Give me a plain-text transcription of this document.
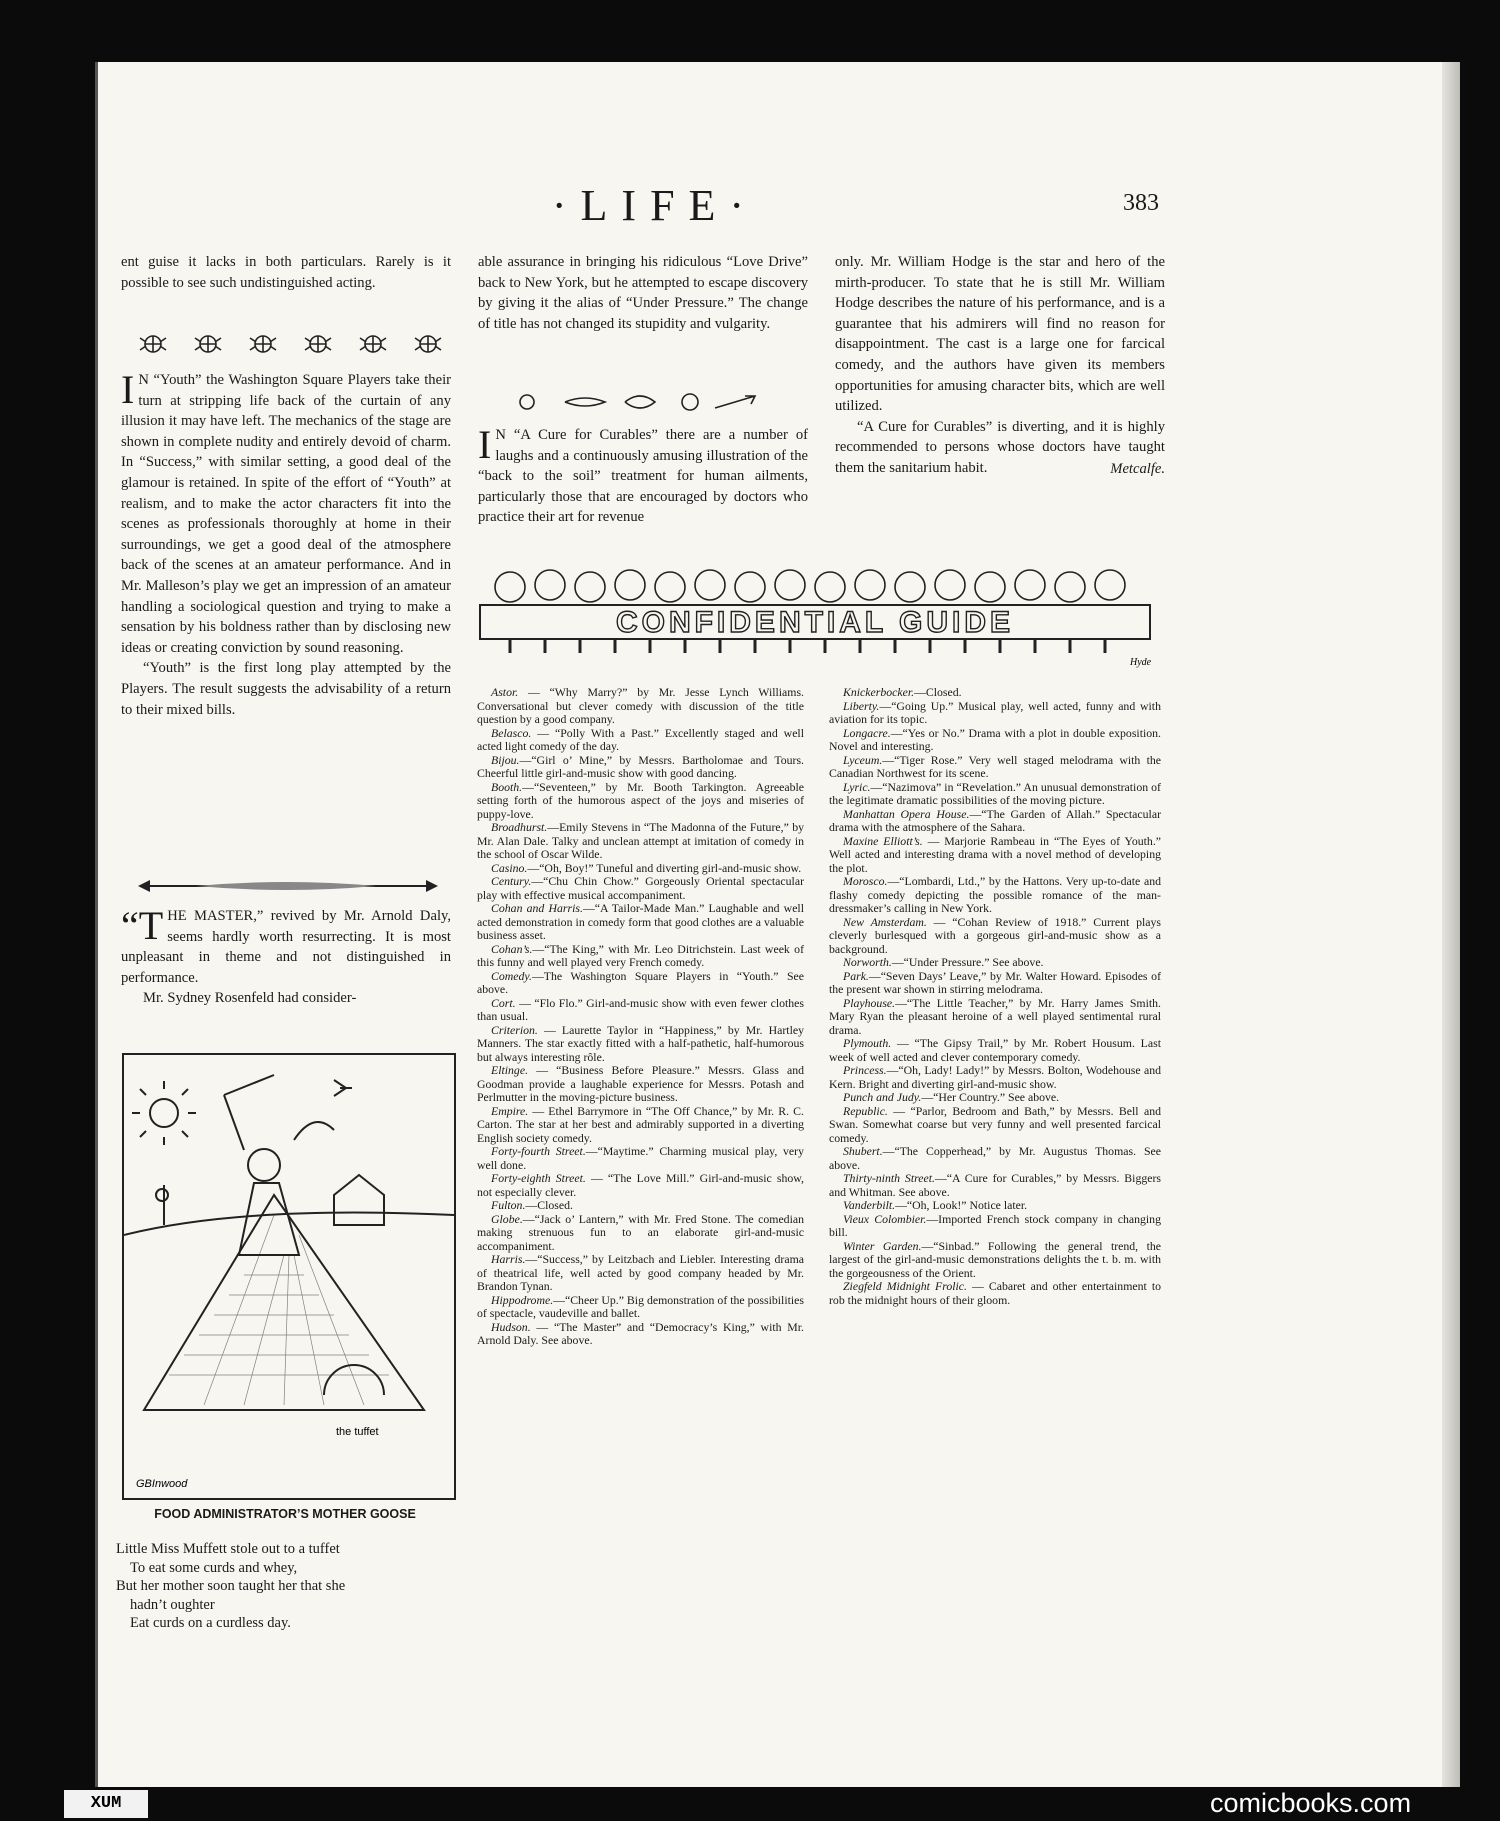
·LIFE·	383

ent guise it lacks in both particulars. Rarely is it possible to see such undistinguished acting.

I N “Youth” the Washington Square Players take their turn at stripping life back of the curtain of any illusion it may have left. The mechanics of the stage are shown in complete nudity and entirely devoid of charm. In “Success,” with similar setting, a good deal of the glamour is retained. In spite of the effort of “Youth” at realism, and to make the actor characters fit into the scenes as professionals thoroughly at home in their surroundings, we get a good deal of the atmosphere back of the scenes at an amateur performance. And in Mr. Malleson’s play we get an impression of an amateur handling a sociological question and trying to make a sensation by his boldness rather than by disclosing new ideas or creating conviction by sound reasoning.

“Youth” is the first long play attempted by the Players. The result suggests the advisability of a return to their mixed bills.

“THE MASTER,” revived by Mr. Arnold Daly, seems hardly worth resurrecting. It is most unpleasant in theme and not distinguished in performance.

Mr. Sydney Rosenfeld had consider-

GBInwood
the tuffet
FOOD ADMINISTRATOR’S MOTHER GOOSE
Little Miss Muffett stole out to a tuffet
To eat some curds and whey,
But her mother soon taught her that she
hadn’t oughter
Eat curds on a curdless day.

able assurance in bringing his ridiculous “Love Drive” back to New York, but he attempted to escape discovery by giving it the alias of “Under Pressure.” The change of title has not changed its stupidity and vulgarity.

I N “A Cure for Curables” there are a number of laughs and a continuously amusing illustration of the “back to the soil” treatment for human ailments, particularly those that are encouraged by doctors who practice their art for revenue

only. Mr. William Hodge is the star and hero of the mirth-producer. To state that he is still Mr. William Hodge describes the nature of his performance, and is a guarantee that his admirers will find no reason for disappointment. The cast is a large one for farcical comedy, and the authors have given its members opportunities for amusing character bits, which are well utilized.

“A Cure for Curables” is diverting, and it is highly recommended to persons whose doctors have taught them the sanitarium habit.	Metcalfe.

CONFIDENTIAL GUIDE
Hyde

Astor. — “Why Marry?” by Mr. Jesse Lynch Williams. Conversational but clever comedy with discussion of the title question by a good company.

Belasco. — “Polly With a Past.” Excellently staged and well acted light comedy of the day.

Bijou.—“Girl o’ Mine,” by Messrs. Bartholomae and Tours. Cheerful little girl-and-music show with good dancing.

Booth.—“Seventeen,” by Mr. Booth Tarkington. Agreeable setting forth of the humorous aspect of the joys and miseries of puppy-love.

Broadhurst.—Emily Stevens in “The Madonna of the Future,” by Mr. Alan Dale. Talky and unclean attempt at imitation of comedy in the school of Oscar Wilde.

Casino.—“Oh, Boy!” Tuneful and diverting girl-and-music show.

Century.—“Chu Chin Chow.” Gorgeously Oriental spectacular play with effective musical accompaniment.

Cohan and Harris.—“A Tailor-Made Man.” Laughable and well acted demonstration in comedy form that good clothes are a valuable business asset.

Cohan’s.—“The King,” with Mr. Leo Ditrichstein. Last week of this funny and well played very French comedy.

Comedy.—The Washington Square Players in “Youth.” See above.

Cort. — “Flo Flo.” Girl-and-music show with even fewer clothes than usual.

Criterion. — Laurette Taylor in “Happiness,” by Mr. Hartley Manners. The star exactly fitted with a half-pathetic, half-humorous but always interesting rôle.

Eltinge. — “Business Before Pleasure.” Messrs. Glass and Goodman provide a laughable experience for Messrs. Potash and Perlmutter in the moving-picture business.

Empire. — Ethel Barrymore in “The Off Chance,” by Mr. R. C. Carton. The star at her best and admirably supported in a diverting English society comedy.

Forty-fourth Street.—“Maytime.” Charming musical play, very well done.

Forty-eighth Street. — “The Love Mill.” Girl-and-music show, not especially clever.

Fulton.—Closed.

Globe.—“Jack o’ Lantern,” with Mr. Fred Stone. The comedian making strenuous fun to an elaborate girl-and-music accompaniment.

Harris.—“Success,” by Leitzbach and Liebler. Interesting drama of theatrical life, well acted by good company headed by Mr. Brandon Tynan.

Hippodrome.—“Cheer Up.” Big demonstration of the possibilities of spectacle, vaudeville and ballet.

Hudson. — “The Master” and “Democracy’s King,” with Mr. Arnold Daly. See above.

Knickerbocker.—Closed.

Liberty.—“Going Up.” Musical play, well acted, funny and with aviation for its topic.

Longacre.—“Yes or No.” Drama with a plot in double exposition. Novel and interesting.

Lyceum.—“Tiger Rose.” Very well staged melodrama with the Canadian Northwest for its scene.

Lyric.—“Nazimova” in “Revelation.” An unusual demonstration of the legitimate dramatic possibilities of the moving picture.

Manhattan Opera House.—“The Garden of Allah.” Spectacular drama with the atmosphere of the Sahara.

Maxine Elliott’s. — Marjorie Rambeau in “The Eyes of Youth.” Well acted and interesting drama with a novel method of developing the plot.

Morosco.—“Lombardi, Ltd.,” by the Hattons. Very up-to-date and flashy comedy depicting the possible romance of the man-dressmaker’s calling in New York.

New Amsterdam. — “Cohan Review of 1918.” Current plays cleverly burlesqued with a gorgeous girl-and-music show as a background.

Norworth.—“Under Pressure.” See above.

Park.—“Seven Days’ Leave,” by Mr. Walter Howard. Episodes of the present war shown in stirring melodrama.

Playhouse.—“The Little Teacher,” by Mr. Harry James Smith. Mary Ryan the pleasant heroine of a well played sentimental rural drama.

Plymouth. — “The Gipsy Trail,” by Mr. Robert Housum. Last week of well acted and clever contemporary comedy.

Princess.—“Oh, Lady! Lady!” by Messrs. Bolton, Wodehouse and Kern. Bright and diverting girl-and-music show.

Punch and Judy.—“Her Country.” See above.

Republic. — “Parlor, Bedroom and Bath,” by Messrs. Bell and Swan. Somewhat coarse but very funny and well presented farcical comedy.

Shubert.—“The Copperhead,” by Mr. Augustus Thomas. See above.

Thirty-ninth Street.—“A Cure for Curables,” by Messrs. Biggers and Whitman. See above.

Vanderbilt.—“Oh, Look!” Notice later.

Vieux Colombier.—Imported French stock company in changing bill.

Winter Garden.—“Sinbad.” Following the general trend, the largest of the girl-and-music demonstrations delights the t. b. m. with the gorgeousness of the Orient.

Ziegfeld Midnight Frolic. — Cabaret and other entertainment to rob the midnight hours of their gloom.

XUM	comicbooks.com
